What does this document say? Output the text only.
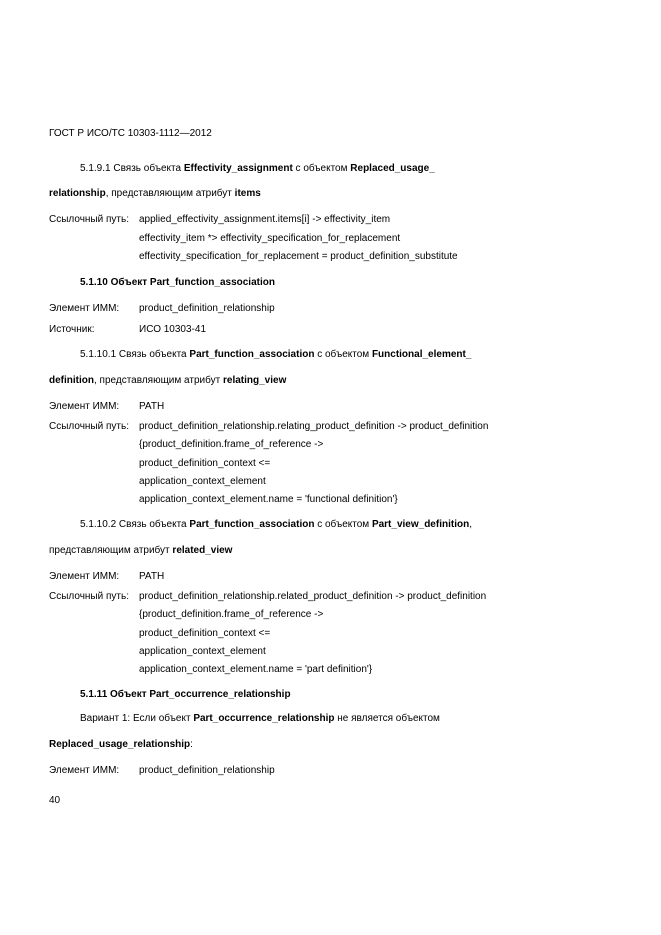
ГОСТ Р ИСО/ТС 10303-1112—2012
5.1.9.1 Связь объекта Effectivity_assignment с объектом Replaced_usage_
relationship, представляющим атрибут items
Ссылочный путь: applied_effectivity_assignment.items[i] -> effectivity_item
effectivity_item *> effectivity_specification_for_replacement
effectivity_specification_for_replacement = product_definition_substitute
5.1.10 Объект Part_function_association
Элемент ИММ: product_definition_relationship
Источник:	ИСО 10303-41
5.1.10.1 Связь объекта Part_function_association с объектом Functional_element_
definition, представляющим атрибут relating_view
Элемент ИММ: PATH
Ссылочный путь: product_definition_relationship.relating_product_definition -> product_definition
{product_definition.frame_of_reference ->
product_definition_context <=
application_context_element
application_context_element.name = 'functional definition'}
5.1.10.2 Связь объекта Part_function_association с объектом Part_view_definition,
представляющим атрибут related_view
Элемент ИММ: PATH
Ссылочный путь: product_definition_relationship.related_product_definition -> product_definition
{product_definition.frame_of_reference ->
product_definition_context <=
application_context_element
application_context_element.name = 'part definition'}
5.1.11 Объект Part_occurrence_relationship
Вариант 1: Если объект Part_occurrence_relationship не является объектом
Replaced_usage_relationship:
Элемент ИММ: product_definition_relationship
40
